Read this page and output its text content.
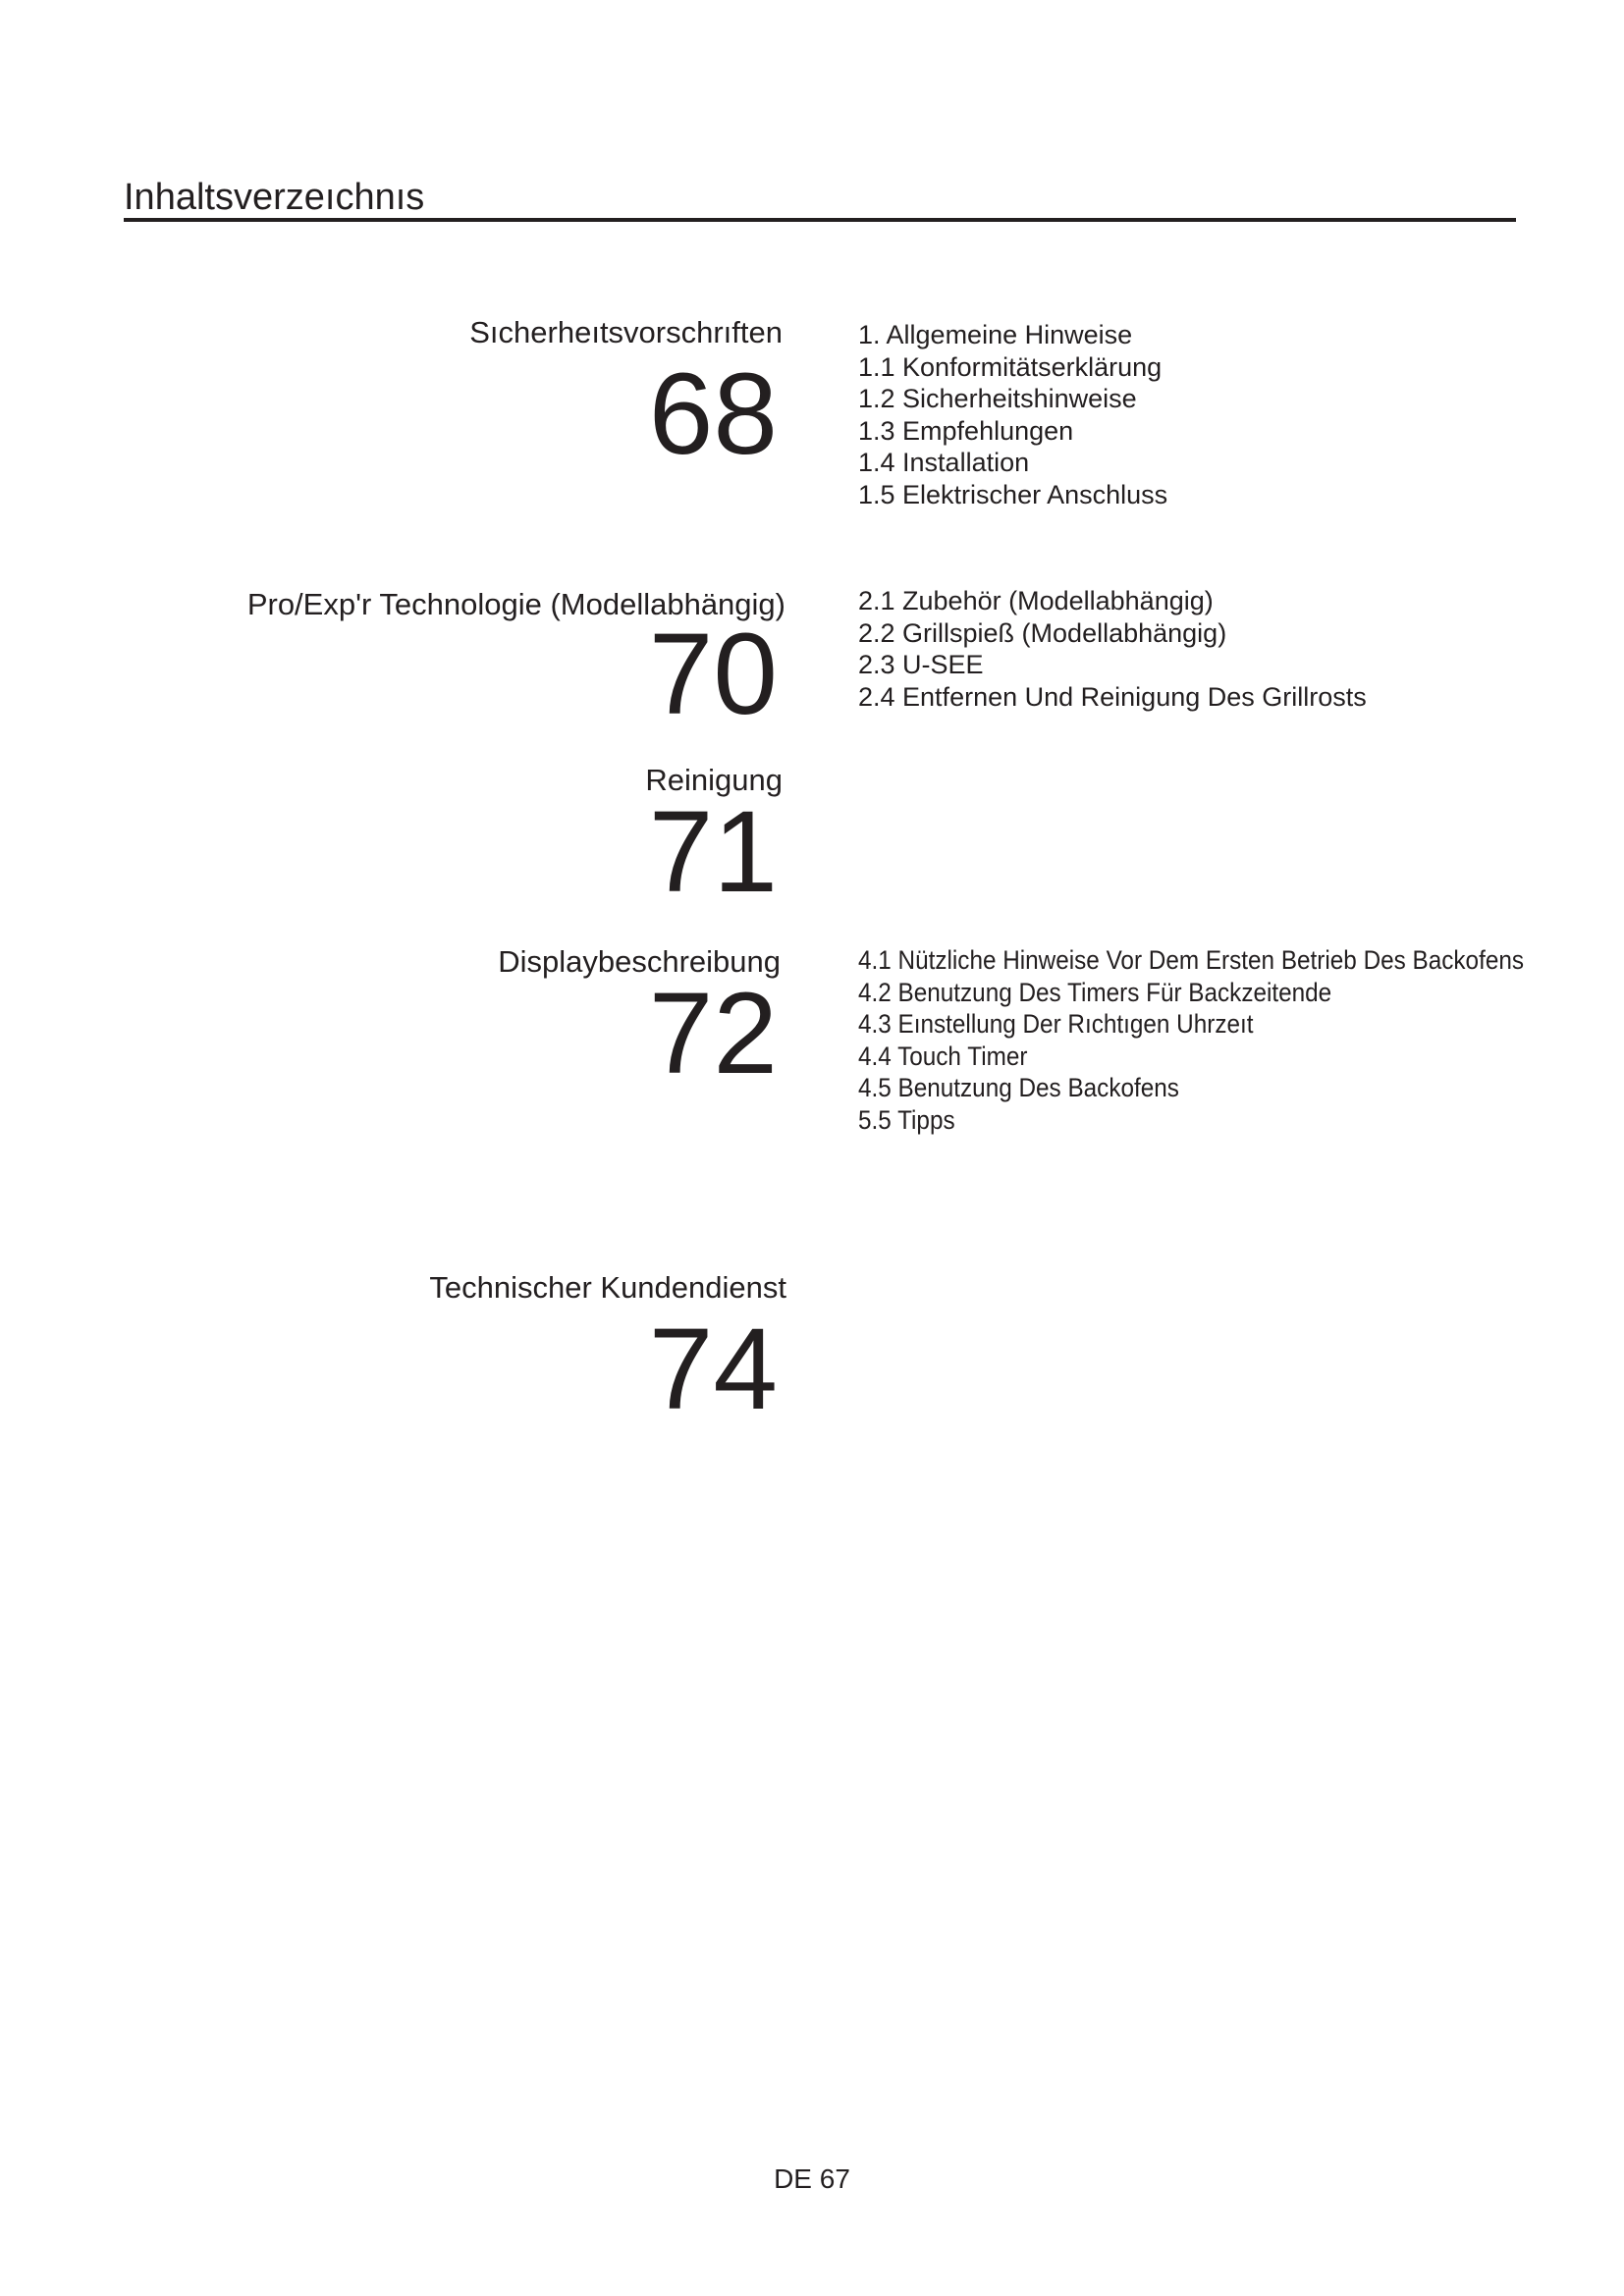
Inhaltsverzeıchnıs
Sıcherheıtsvorschrıften
68
1. Allgemeine Hinweise
1.1 Konformitätserklärung
1.2 Sicherheitshinweise
1.3 Empfehlungen
1.4 Installation
1.5 Elektrischer Anschluss
Pro/Exp'r Technologie (Modellabhängig)
70
2.1 Zubehör (Modellabhängig)
2.2 Grillspieß (Modellabhängig)
2.3 U-SEE
2.4 Entfernen Und Reinigung Des Grillrosts
Reinigung
71
Displaybeschreibung
72
4.1 Nützliche Hinweise Vor Dem Ersten Betrieb Des Backofens
4.2 Benutzung Des Timers Für Backzeitende
4.3 Eınstellung Der Rıchtıgen Uhrzeıt
4.4 Touch Timer
4.5 Benutzung Des Backofens
5.5 Tipps
Technischer Kundendienst
74
DE 67
